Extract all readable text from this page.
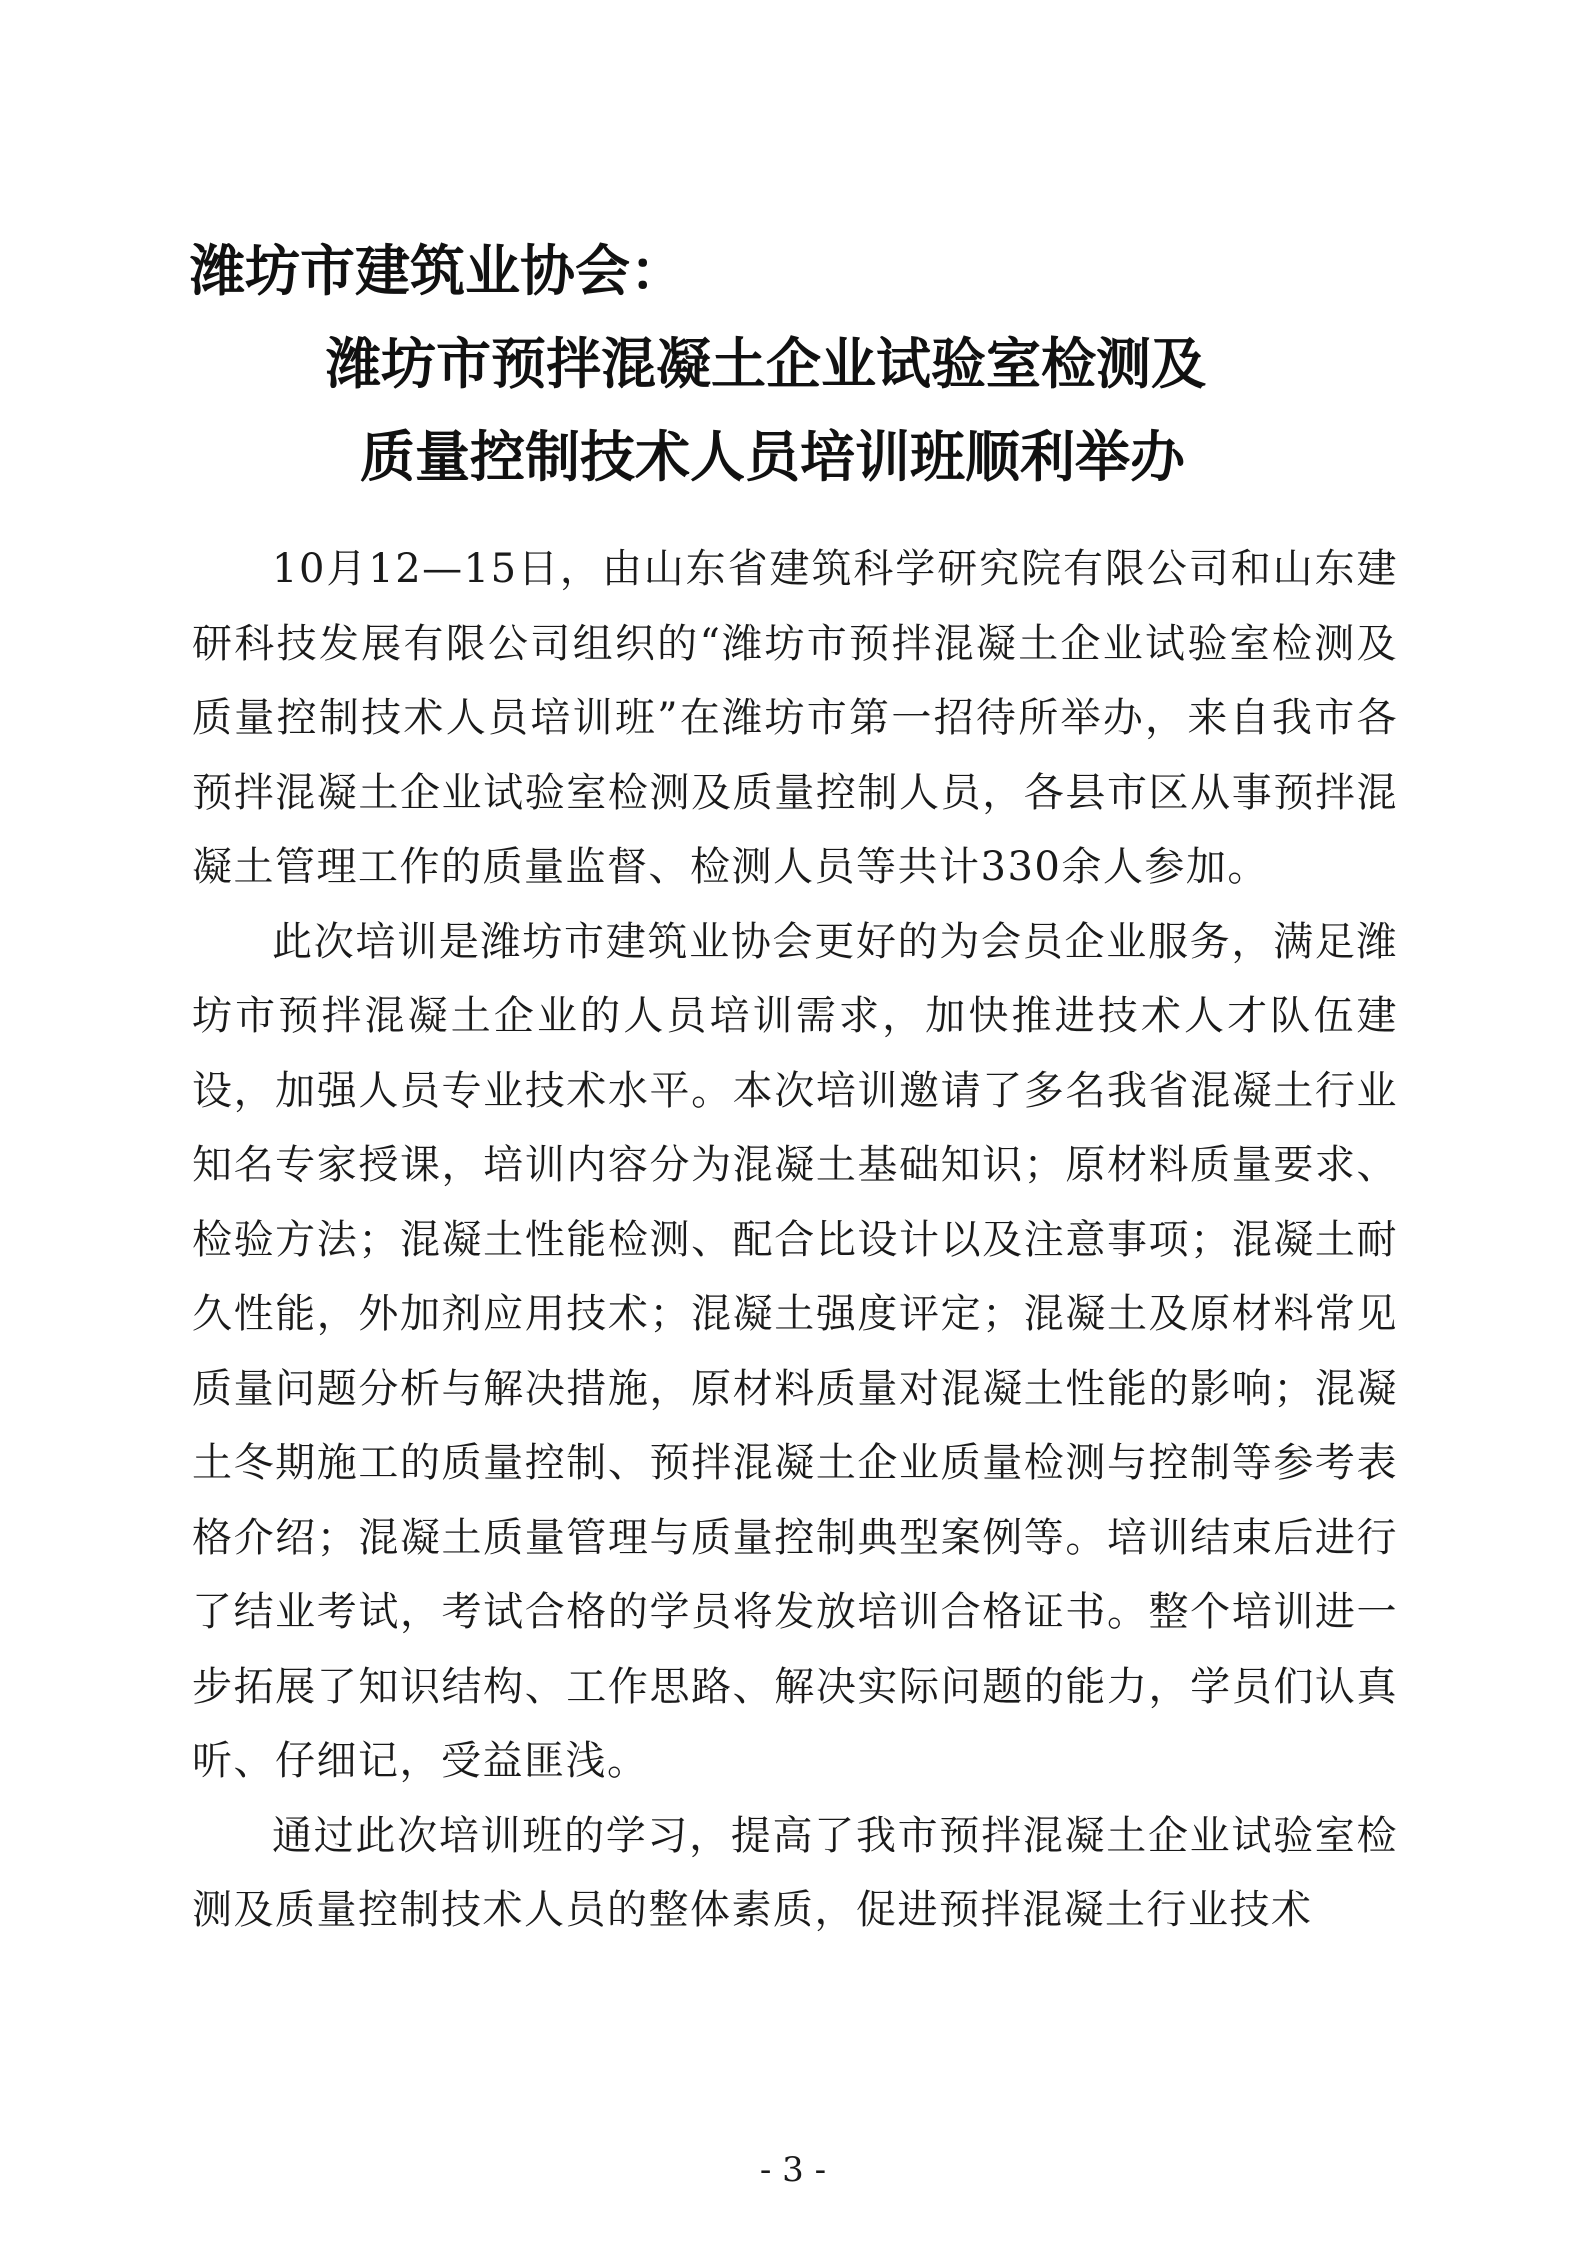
潍坊市建筑业协会：
潍坊市预拌混凝土企业试验室检测及
质量控制技术人员培训班顺利举办

10月12—15日，由山东省建筑科学研究院有限公司和山东建研科技发展有限公司组织的“潍坊市预拌混凝土企业试验室检测及质量控制技术人员培训班”在潍坊市第一招待所举办，来自我市各预拌混凝土企业试验室检测及质量控制人员，各县市区从事预拌混凝土管理工作的质量监督、检测人员等共计330余人参加。

此次培训是潍坊市建筑业协会更好的为会员企业服务，满足潍坊市预拌混凝土企业的人员培训需求，加快推进技术人才队伍建设，加强人员专业技术水平。本次培训邀请了多名我省混凝土行业知名专家授课，培训内容分为混凝土基础知识；原材料质量要求、检验方法；混凝土性能检测、配合比设计以及注意事项；混凝土耐久性能，外加剂应用技术；混凝土强度评定；混凝土及原材料常见质量问题分析与解决措施，原材料质量对混凝土性能的影响；混凝土冬期施工的质量控制、预拌混凝土企业质量检测与控制等参考表格介绍；混凝土质量管理与质量控制典型案例等。培训结束后进行了结业考试，考试合格的学员将发放培训合格证书。整个培训进一步拓展了知识结构、工作思路、解决实际问题的能力，学员们认真听、仔细记，受益匪浅。

通过此次培训班的学习，提高了我市预拌混凝土企业试验室检测及质量控制技术人员的整体素质，促进预拌混凝土行业技术

- 3 -
